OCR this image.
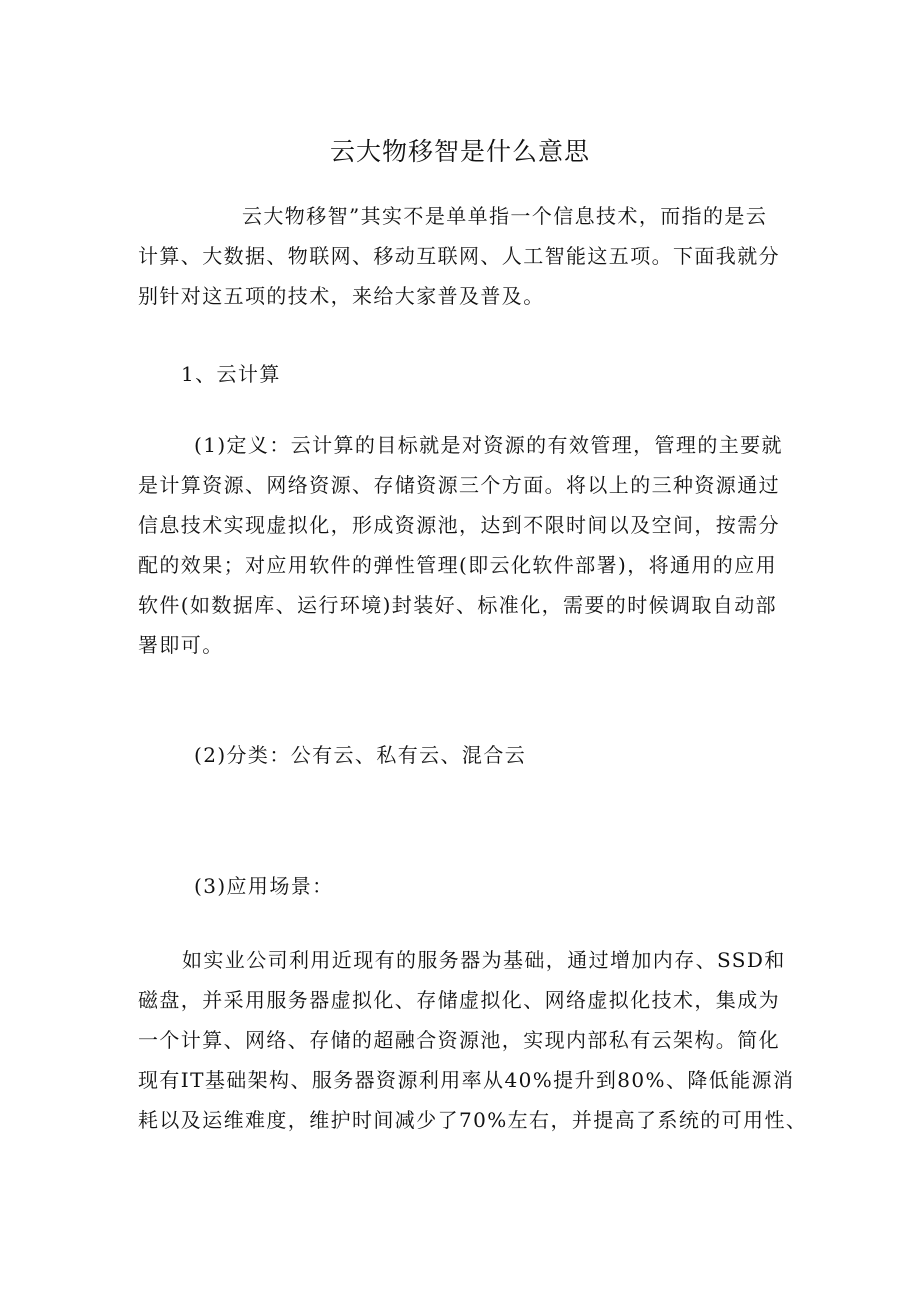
云大物移智是什么意思
云大物移智”其实不是单单指一个信息技术，而指的是云
计算、大数据、物联网、移动互联网、人工智能这五项。下面我就分
别针对这五项的技术，来给大家普及普及。

1、云计算

(1)定义：云计算的目标就是对资源的有效管理，管理的主要就
是计算资源、网络资源、存储资源三个方面。将以上的三种资源通过
信息技术实现虚拟化，形成资源池，达到不限时间以及空间，按需分
配的效果；对应用软件的弹性管理(即云化软件部署)，将通用的应用
软件(如数据库、运行环境)封装好、标准化，需要的时候调取自动部
署即可。

(2)分类：公有云、私有云、混合云

(3)应用场景：

如实业公司利用近现有的服务器为基础，通过增加内存、SSD和
磁盘，并采用服务器虚拟化、存储虚拟化、网络虚拟化技术，集成为
一个计算、网络、存储的超融合资源池，实现内部私有云架构。简化
现有IT基础架构、服务器资源利用率从40%提升到80%、降低能源消
耗以及运维难度，维护时间减少了70%左右，并提高了系统的可用性、
